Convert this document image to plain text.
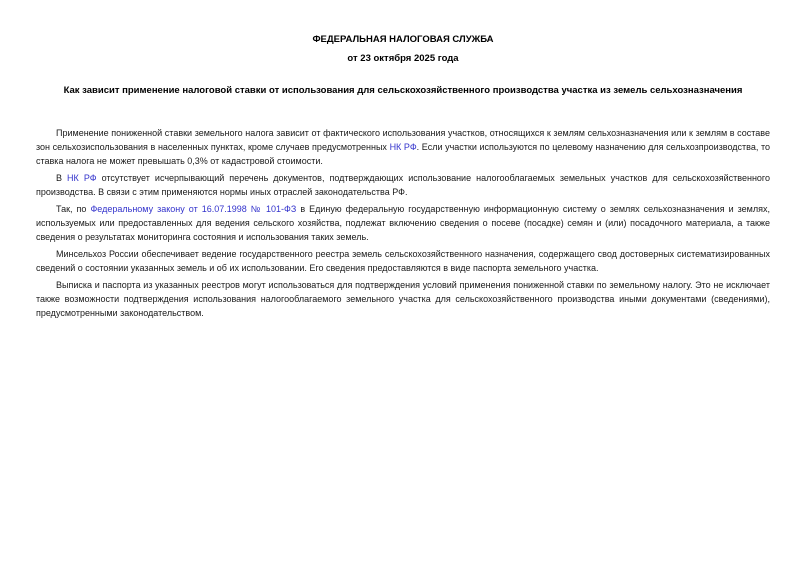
ФЕДЕРАЛЬНАЯ НАЛОГОВАЯ СЛУЖБА
от 23 октября 2025 года
Как зависит применение налоговой ставки от использования для сельскохозяйственного производства участка из земель сельхозназначения

Применение пониженной ставки земельного налога зависит от фактического использования участков, относящихся к землям сельхозназначения или к землям в составе зон сельхозиспользования в населенных пунктах, кроме случаев предусмотренных НК РФ. Если участки используются по целевому назначению для сельхозпроизводства, то ставка налога не может превышать 0,3% от кадастровой стоимости.

В НК РФ отсутствует исчерпывающий перечень документов, подтверждающих использование налогооблагаемых земельных участков для сельскохозяйственного производства. В связи с этим применяются нормы иных отраслей законодательства РФ.

Так, по Федеральному закону от 16.07.1998 № 101-ФЗ в Единую федеральную государственную информационную систему о землях сельхозназначения и землях, используемых или предоставленных для ведения сельского хозяйства, подлежат включению сведения о посеве (посадке) семян и (или) посадочного материала, а также сведения о результатах мониторинга состояния и использования таких земель.

Минсельхоз России обеспечивает ведение государственного реестра земель сельскохозяйственного назначения, содержащего свод достоверных систематизированных сведений о состоянии указанных земель и об их использовании. Его сведения предоставляются в виде паспорта земельного участка.

Выписка и паспорта из указанных реестров могут использоваться для подтверждения условий применения пониженной ставки по земельному налогу. Это не исключает также возможности подтверждения использования налогооблагаемого земельного участка для сельскохозяйственного производства иными документами (сведениями), предусмотренными законодательством.
